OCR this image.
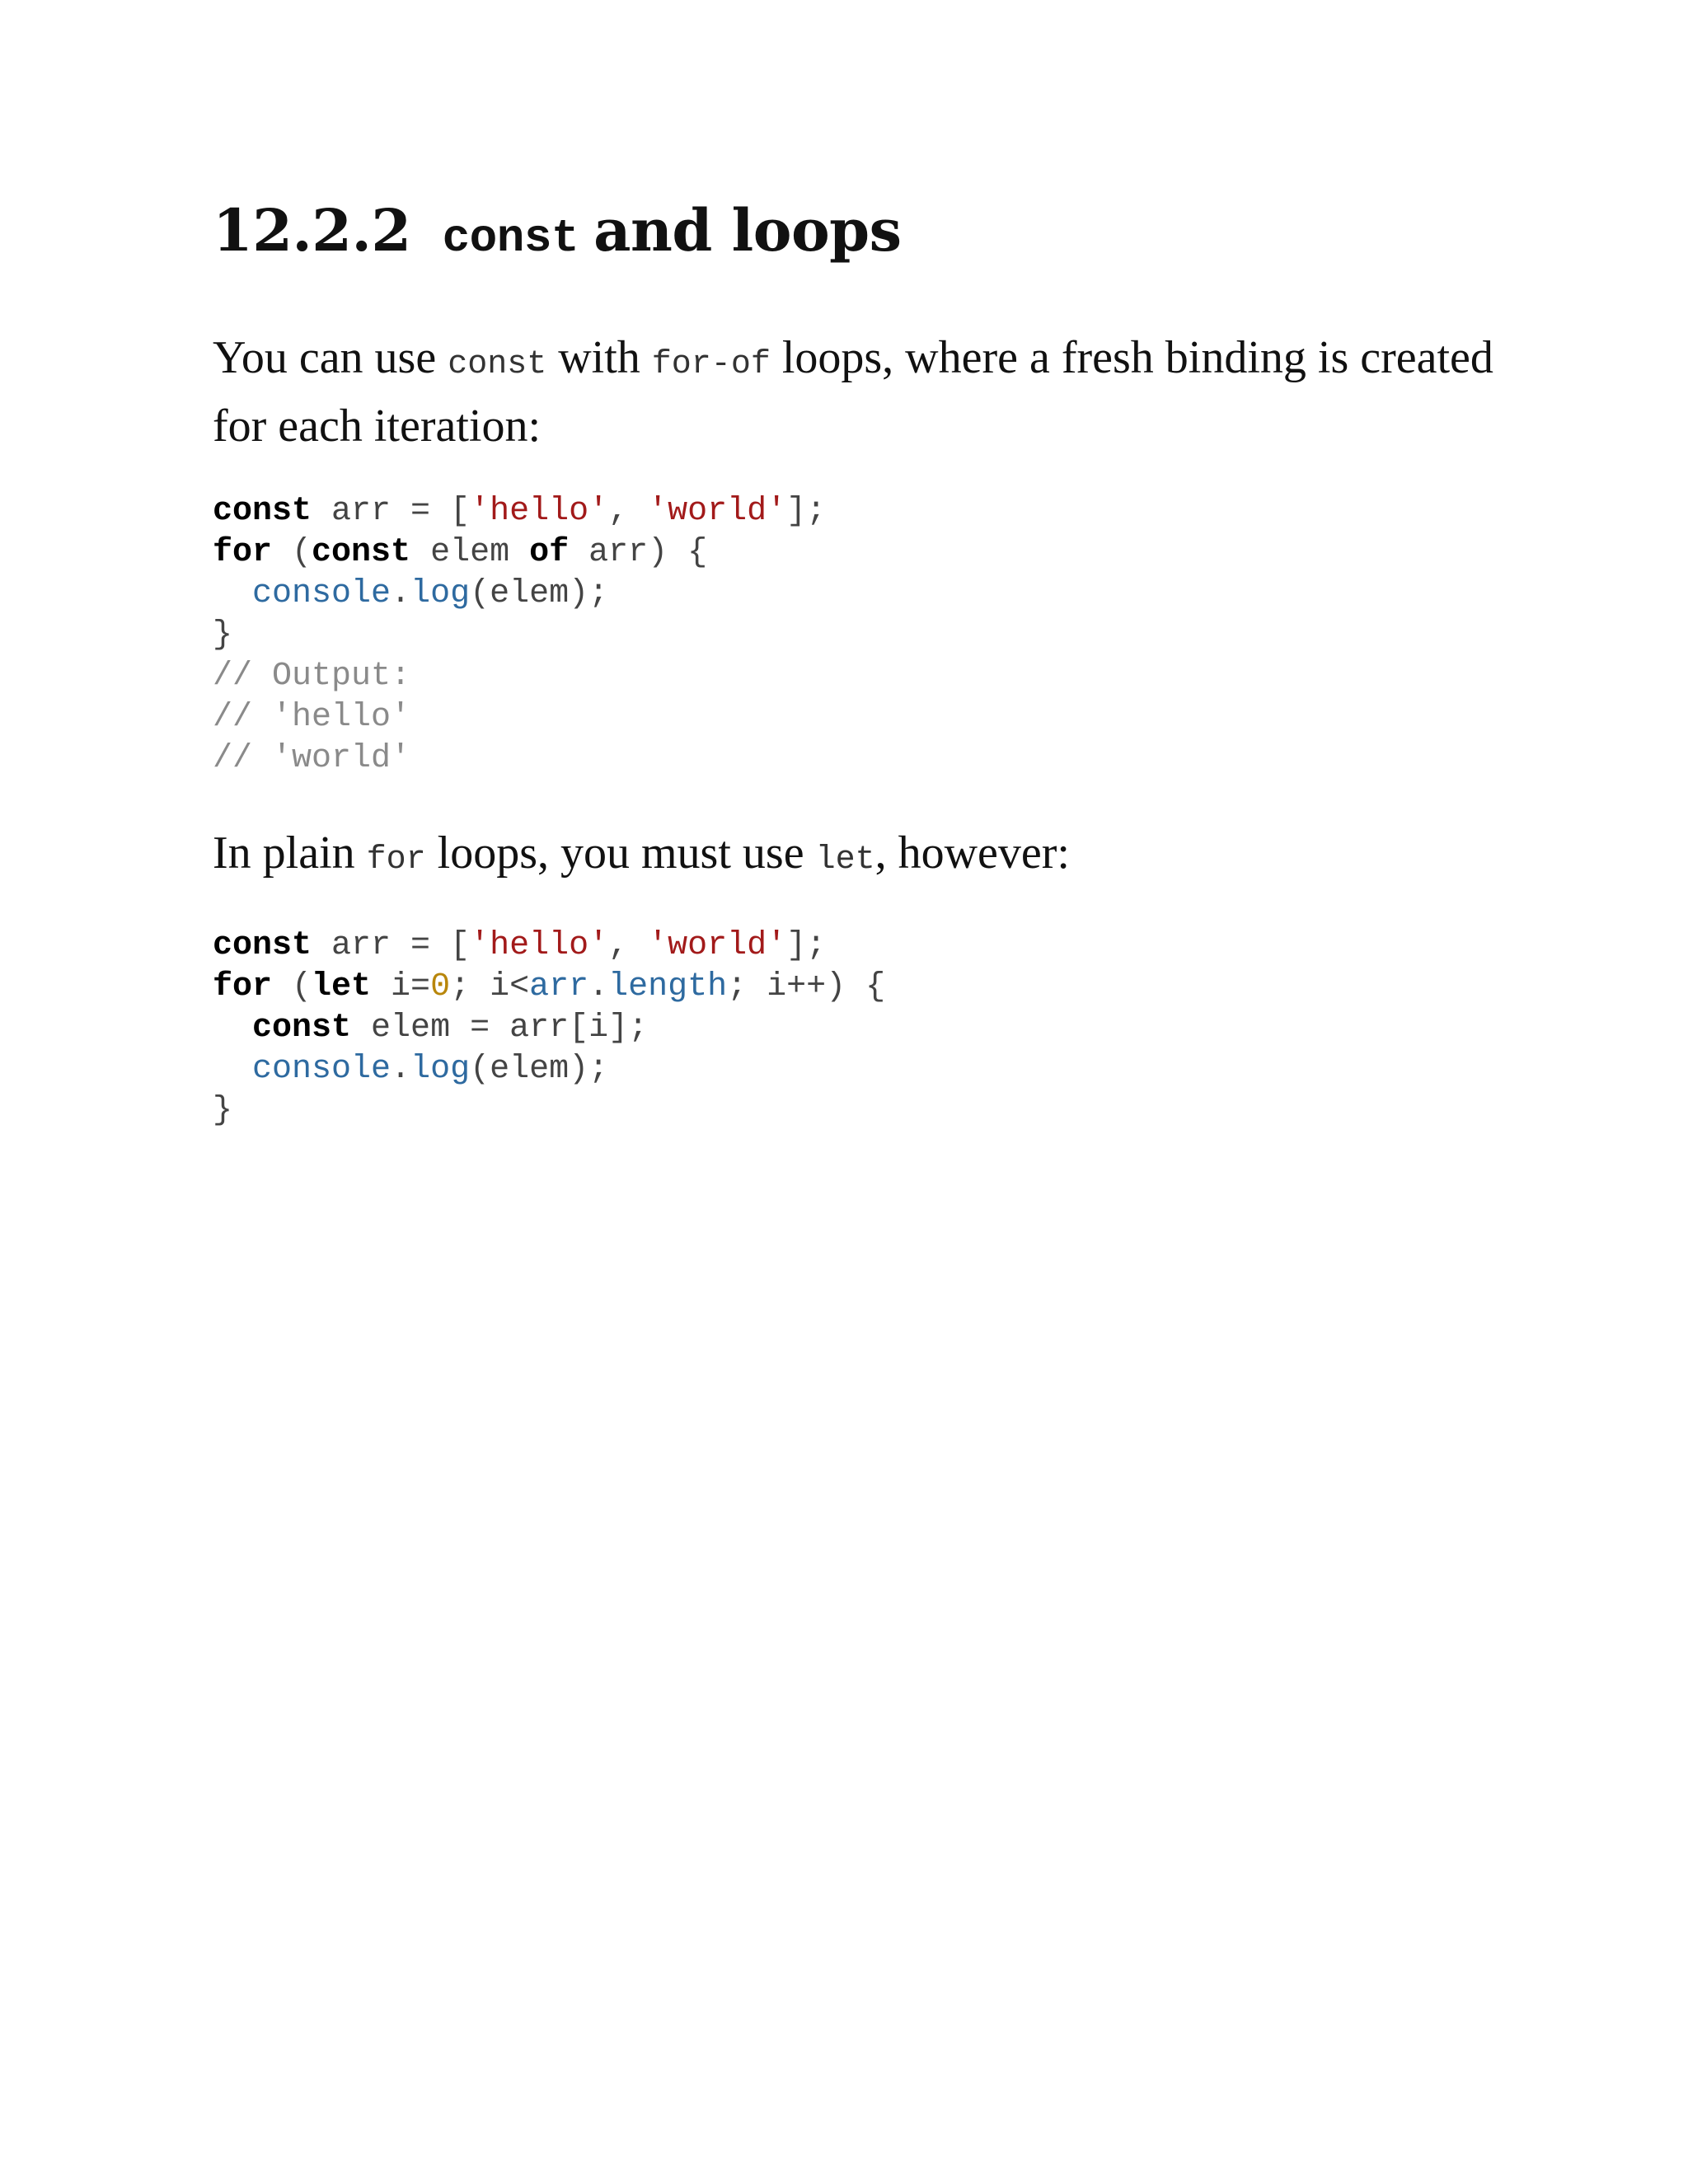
12.2.2 const and loops

You can use const with for-of loops, where a fresh binding is created for each iteration:

const arr = ['hello', 'world'];
for (const elem of arr) {
console.log(elem);
}
// Output:
// 'hello'
// 'world'

In plain for loops, you must use let, however:

const arr = ['hello', 'world'];
for (let i=0; i<arr.length; i++) {
const elem = arr[i];
console.log(elem);
}
